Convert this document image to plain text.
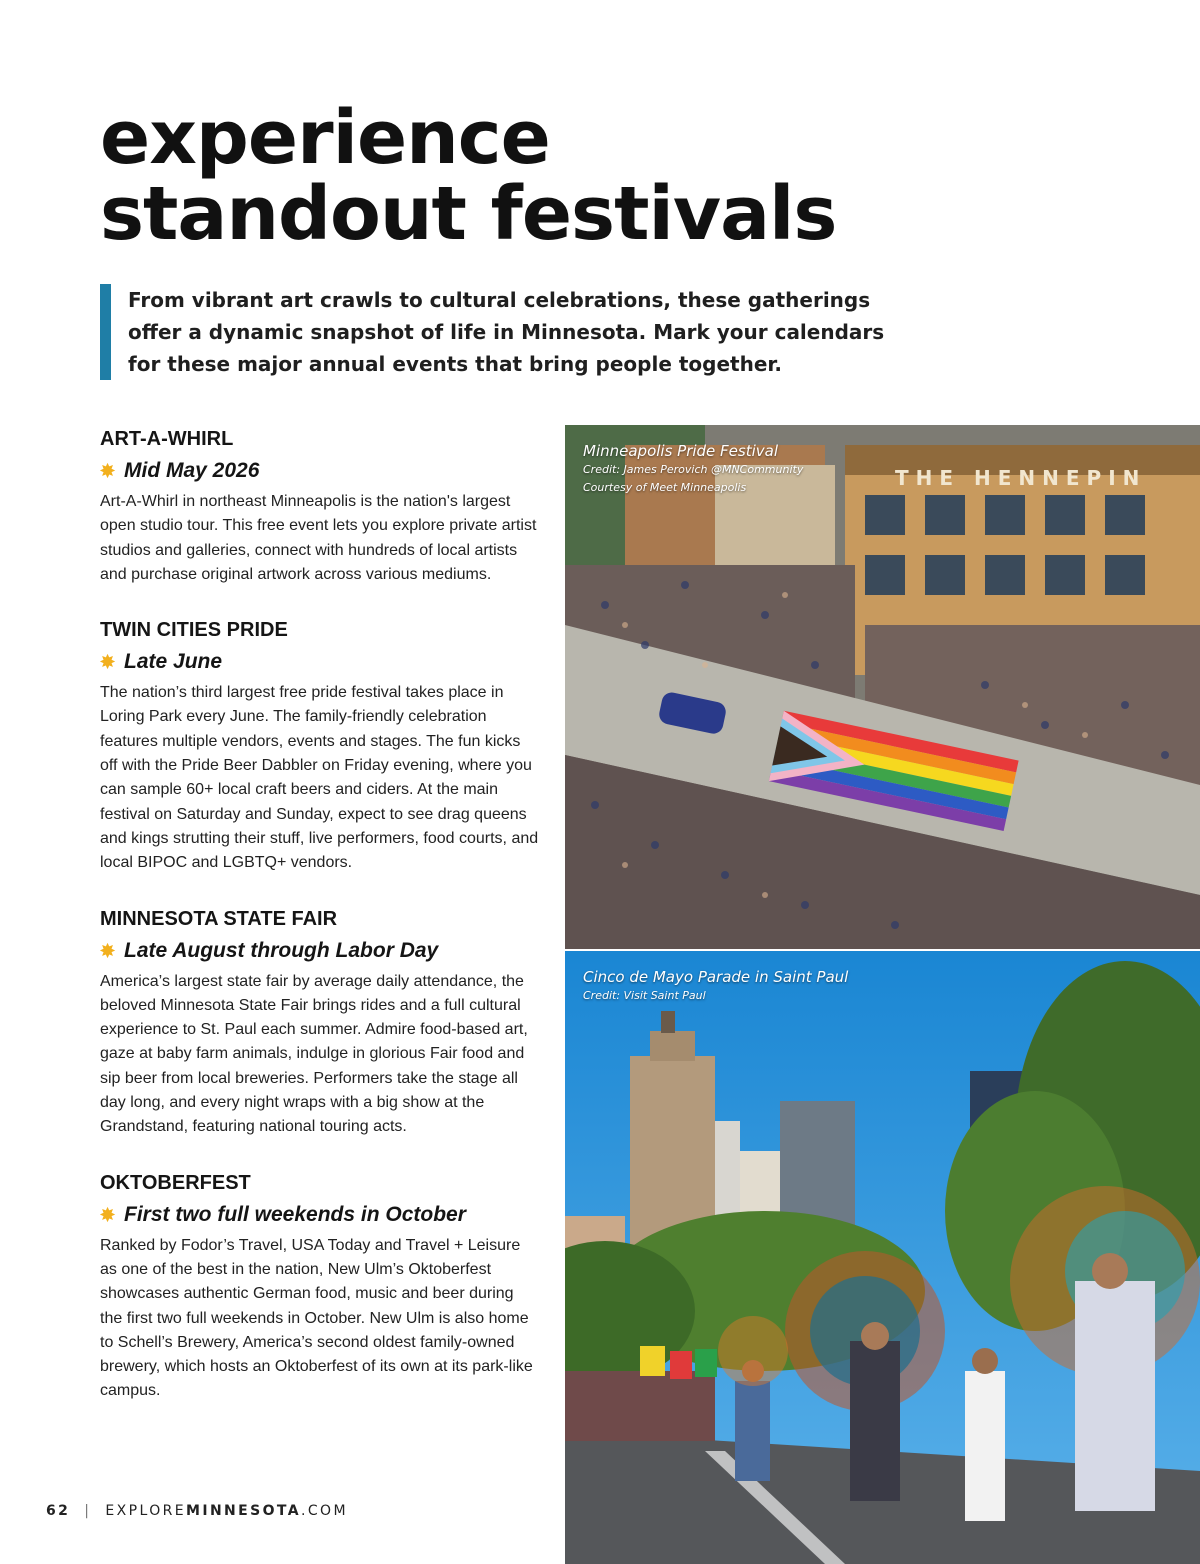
experience
standout festivals
From vibrant art crawls to cultural celebrations, these gatherings offer a dynamic snapshot of life in Minnesota. Mark your calendars for these major annual events that bring people together.
ART-A-WHIRL
✸ Mid May 2026

Art-A-Whirl in northeast Minneapolis is the nation's largest open studio tour. This free event lets you explore private artist studios and galleries, connect with hundreds of local artists and purchase original artwork across various mediums.

TWIN CITIES PRIDE
✸ Late June

The nation’s third largest free pride festival takes place in Loring Park every June. The family-friendly celebration features multiple vendors, events and stages. The fun kicks off with the Pride Beer Dabbler on Friday evening, where you can sample 60+ local craft beers and ciders. At the main festival on Saturday and Sunday, expect to see drag queens and kings strutting their stuff, live performers, food courts, and local BIPOC and LGBTQ+ vendors.

MINNESOTA STATE FAIR
✸ Late August through Labor Day

America’s largest state fair by average daily attendance, the beloved Minnesota State Fair brings rides and a full cultural experience to St. Paul each summer. Admire food-based art, gaze at baby farm animals, indulge in glorious Fair food and sip beer from local breweries. Performers take the stage all day long, and every night wraps with a big show at the Grandstand, featuring national touring acts.

OKTOBERFEST
✸ First two full weekends in October

Ranked by Fodor’s Travel, USA Today and Travel + Leisure as one of the best in the nation, New Ulm’s Oktoberfest showcases authentic German food, music and beer during the first two full weekends in October. New Ulm is also home to Schell’s Brewery, America’s second oldest family-owned brewery, which hosts an Oktoberfest of its own at its park-like campus.

THE HENNEPIN
Minneapolis Pride Festival
Credit: James Perovich @MNCommunity
Courtesy of Meet Minneapolis
Cinco de Mayo Parade in Saint Paul
Credit: Visit Saint Paul
62 | EXPLOREMINNESOTA.COM
